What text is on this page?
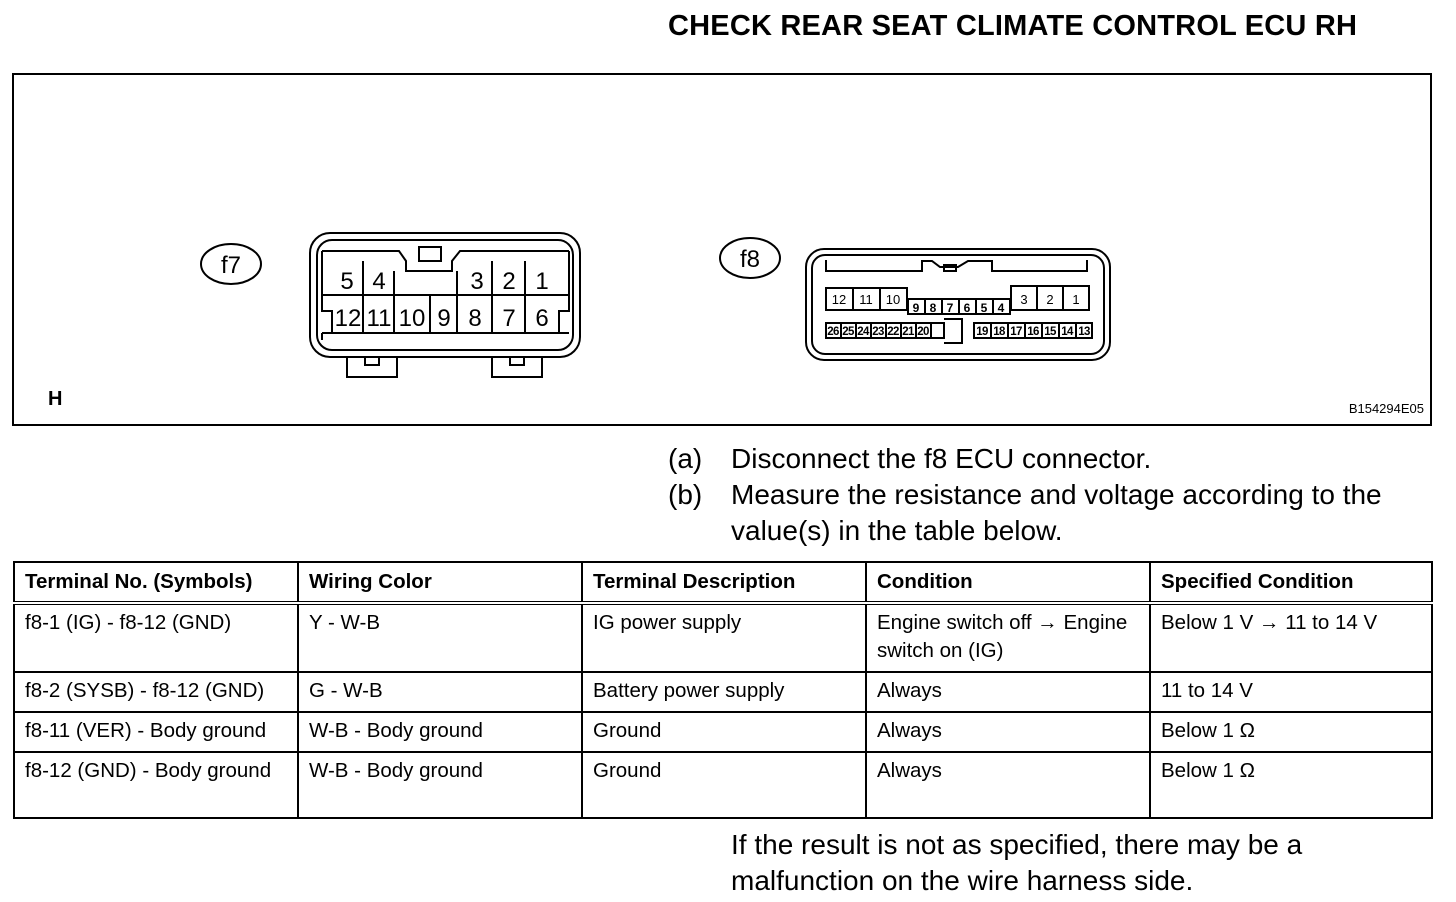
CHECK REAR SEAT CLIMATE CONTROL ECU RH
f7
5 4	3 2 1
12 11 10 9 8 7 6
f8
12 11 10	3 2 1
9 8 7 6 5 4
26 25 24 23 22 21 20	19 18 17 16 15 14 13
H	B154294E05
(a)	Disconnect the f8 ECU connector.
(b)	Measure the resistance and voltage according to the value(s) in the table below.
Terminal No. (Symbols)	Wiring Color	Terminal Description	Condition	Specified Condition
f8-1 (IG) - f8-12 (GND)	Y - W-B	IG power supply	Engine switch off → Engine switch on (IG)	Below 1 V → 11 to 14 V
f8-2 (SYSB) - f8-12 (GND)	G - W-B	Battery power supply	Always	11 to 14 V
f8-11 (VER) - Body ground	W-B - Body ground	Ground	Always	Below 1 Ω
f8-12 (GND) - Body ground	W-B - Body ground	Ground	Always	Below 1 Ω
If the result is not as specified, there may be a malfunction on the wire harness side.
